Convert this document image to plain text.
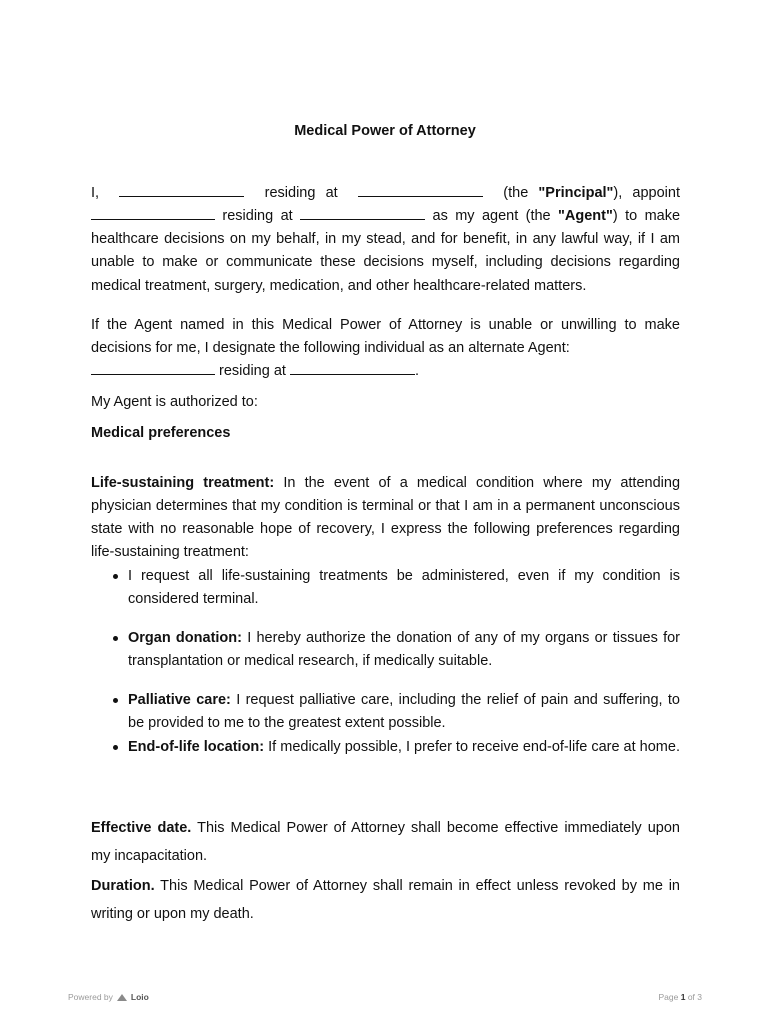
Medical Power of Attorney

I,	residing at	(the "Principal"), appoint  residing at	as my agent (the "Agent") to make healthcare decisions on my behalf, in my stead, and for benefit, in any lawful way, if I am unable to make or communicate these decisions myself, including decisions regarding medical treatment, surgery, medication, and other healthcare-related matters.

If the Agent named in this Medical Power of Attorney is unable or unwilling to make decisions for me, I designate the following individual as an alternate Agent:
residing at	.

My Agent is authorized to:

Medical preferences

Life-sustaining treatment: In the event of a medical condition where my attending physician determines that my condition is terminal or that I am in a permanent unconscious state with no reasonable hope of recovery, I express the following preferences regarding life-sustaining treatment:

I request all life-sustaining treatments be administered, even if my condition is considered terminal.
Organ donation: I hereby authorize the donation of any of my organs or tissues for transplantation or medical research, if medically suitable.
Palliative care: I request palliative care, including the relief of pain and suffering, to be provided to me to the greatest extent possible.
End-of-life location: If medically possible, I prefer to receive end-of-life care at home.

Effective date. This Medical Power of Attorney shall become effective immediately upon my incapacitation.

Duration. This Medical Power of Attorney shall remain in effect unless revoked by me in writing or upon my death.

Powered by Loio	Page 1 of 3
